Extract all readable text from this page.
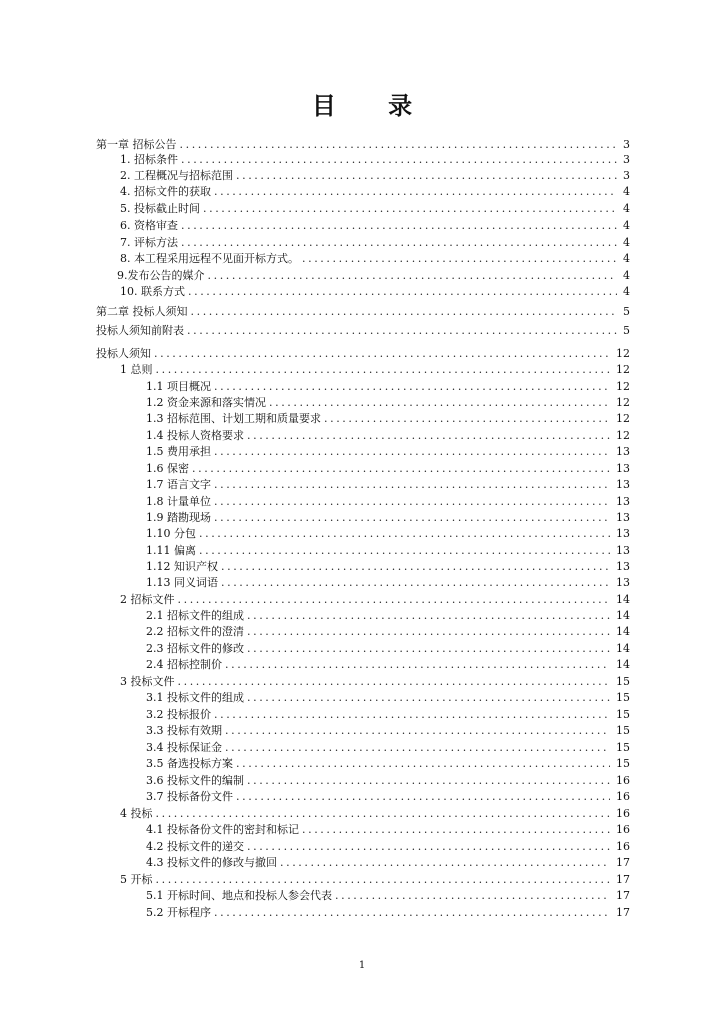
目 录
第一章 招标公告 .....	3
1. 招标条件 .....	3
2. 工程概况与招标范围 .....	3
4. 招标文件的获取 .....	4
5. 投标截止时间 .....	4
6. 资格审查 .....	4
7. 评标方法 .....	4
8. 本工程采用远程不见面开标方式。 .....	4
9.发布公告的媒介 .....	4
10. 联系方式 .....	4
第二章 投标人须知 .....	5
投标人须知前附表 .....	5
投标人须知 .....	12
1 总则 .....	12
1.1 项目概况 .....	12
1.2 资金来源和落实情况 .....	12
1.3 招标范围、计划工期和质量要求 .....	12
1.4 投标人资格要求 .....	12
1.5 费用承担 .....	13
1.6 保密 .....	13
1.7 语言文字 .....	13
1.8 计量单位 .....	13
1.9 踏勘现场 .....	13
1.10 分包 .....	13
1.11 偏离 .....	13
1.12 知识产权 .....	13
1.13 同义词语 .....	13
2 招标文件 .....	14
2.1 招标文件的组成 .....	14
2.2 招标文件的澄清 .....	14
2.3 招标文件的修改 .....	14
2.4 招标控制价 .....	14
3 投标文件 .....	15
3.1 投标文件的组成 .....	15
3.2 投标报价 .....	15
3.3 投标有效期 .....	15
3.4 投标保证金 .....	15
3.5 备选投标方案 .....	15
3.6 投标文件的编制 .....	16
3.7 投标备份文件 .....	16
4 投标 .....	16
4.1 投标备份文件的密封和标记 .....	16
4.2 投标文件的递交 .....	16
4.3 投标文件的修改与撤回 .....	17
5 开标 .....	17
5.1 开标时间、地点和投标人参会代表 .....	17
5.2 开标程序 .....	17
1
